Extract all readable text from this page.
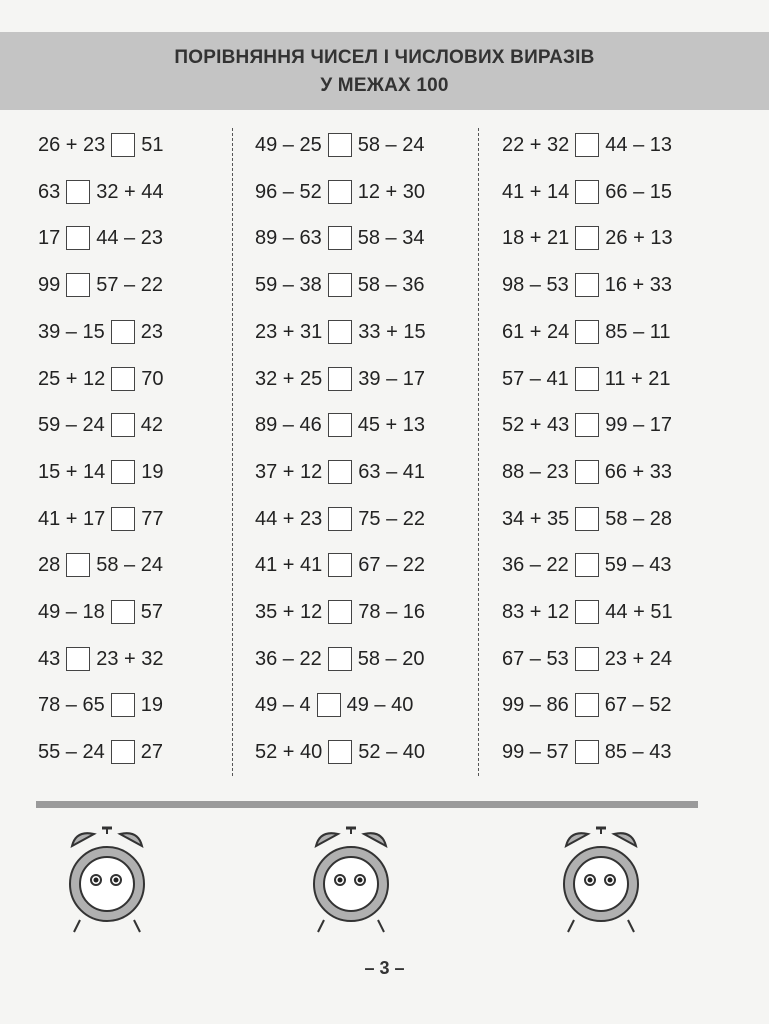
ПОРІВНЯННЯ ЧИСЕЛ І ЧИСЛОВИХ ВИРАЗІВ
У МЕЖАХ 100
26 + 23 51
63 32 + 44
17 44 – 23
99 57 – 22
39 – 15 23
25 + 12 70
59 – 24 42
15 + 14 19
41 + 17 77
28 58 – 24
49 – 18 57
43 23 + 32
78 – 65 19
55 – 24 27
49 – 25 58 – 24
96 – 52 12 + 30
89 – 63 58 – 34
59 – 38 58 – 36
23 + 31 33 + 15
32 + 25 39 – 17
89 – 46 45 + 13
37 + 12 63 – 41
44 + 23 75 – 22
41 + 41 67 – 22
35 + 12 78 – 16
36 – 22 58 – 20
49 – 4 49 – 40
52 + 40 52 – 40
22 + 32 44 – 13
41 + 14 66 – 15
18 + 21 26 + 13
98 – 53 16 + 33
61 + 24 85 – 11
57 – 41 11 + 21
52 + 43 99 – 17
88 – 23 66 + 33
34 + 35 58 – 28
36 – 22 59 – 43
83 + 12 44 + 51
67 – 53 23 + 24
99 – 86 67 – 52
99 – 57 85 – 43
– 3 –
